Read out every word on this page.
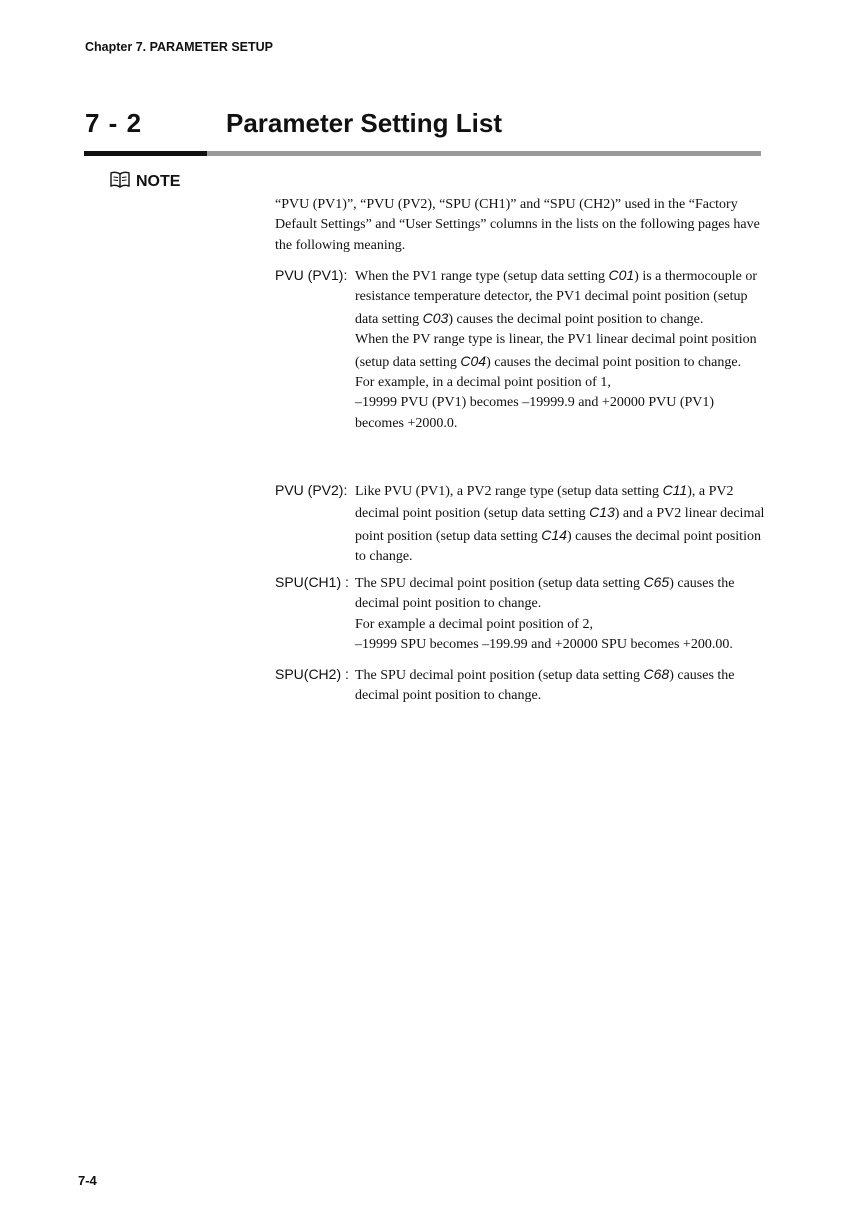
Chapter 7. PARAMETER SETUP
7 - 2	Parameter Setting List
NOTE

“PVU (PV1)”, “PVU (PV2), “SPU (CH1)” and “SPU (CH2)” used in the “Factory Default Settings” and “User Settings” columns in the lists on the following pages have the following meaning.

PVU (PV1): When the PV1 range type (setup data setting C01) is a thermocouple or resistance temperature detector, the PV1 decimal point position (setup data setting C03) causes the decimal point position to change.

When the PV range type is linear, the PV1 linear decimal point position (setup data setting C04) causes the decimal point position to change.

For example, in a decimal point position of 1,

–19999 PVU (PV1) becomes –19999.9 and +20000 PVU (PV1) becomes +2000.0.

PVU (PV2): Like PVU (PV1), a PV2 range type (setup data setting C11), a PV2 decimal point position (setup data setting C13) and a PV2 linear decimal point position (setup data setting C14) causes the decimal point position to change.

SPU(CH1) : The SPU decimal point position (setup data setting C65) causes the decimal point position to change.

For example a decimal point position of 2,

–19999 SPU becomes –199.99 and +20000 SPU becomes +200.00.

SPU(CH2) : The SPU decimal point position (setup data setting C68) causes the decimal point position to change.

7-4
